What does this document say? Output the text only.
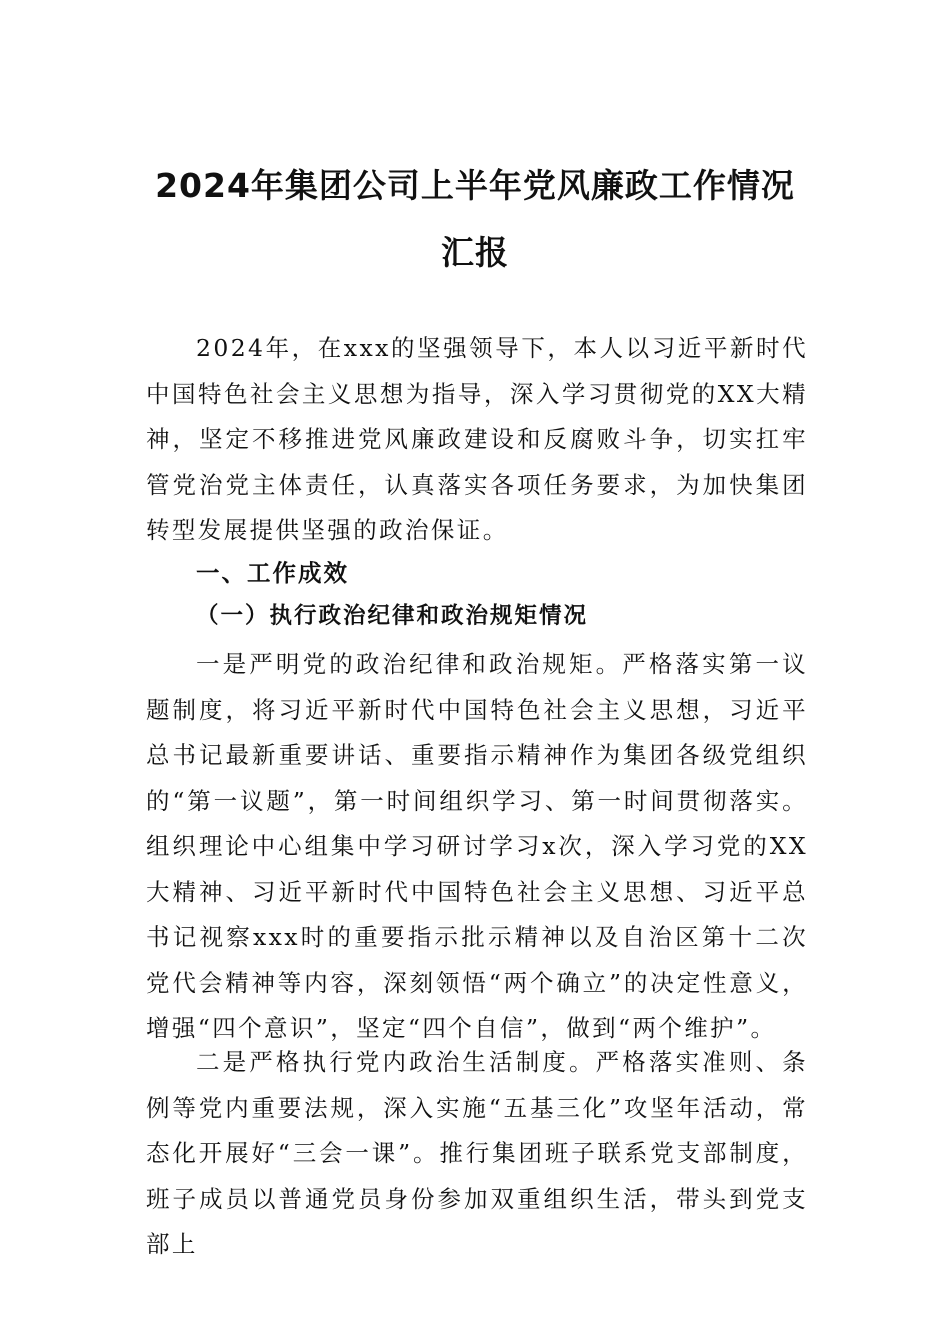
2024年集团公司上半年党风廉政工作情况
汇报

2024年，在xxx的坚强领导下，本人以习近平新时代中国特色社会主义思想为指导，深入学习贯彻党的XX大精神，坚定不移推进党风廉政建设和反腐败斗争，切实扛牢管党治党主体责任，认真落实各项任务要求，为加快集团转型发展提供坚强的政治保证。

一、工作成效
（一）执行政治纪律和政治规矩情况

一是严明党的政治纪律和政治规矩。严格落实第一议题制度，将习近平新时代中国特色社会主义思想，习近平总书记最新重要讲话、重要指示精神作为集团各级党组织的“第一议题”，第一时间组织学习、第一时间贯彻落实。组织理论中心组集中学习研讨学习x次，深入学习党的XX大精神、习近平新时代中国特色社会主义思想、习近平总书记视察xxx时的重要指示批示精神以及自治区第十二次党代会精神等内容，深刻领悟“两个确立”的决定性意义，增强“四个意识”，坚定“四个自信”，做到“两个维护”。

二是严格执行党内政治生活制度。严格落实准则、条例等党内重要法规，深入实施“五基三化”攻坚年活动，常态化开展好“三会一课”。推行集团班子联系党支部制度，班子成员以普通党员身份参加双重组织生活，带头到党支部上
